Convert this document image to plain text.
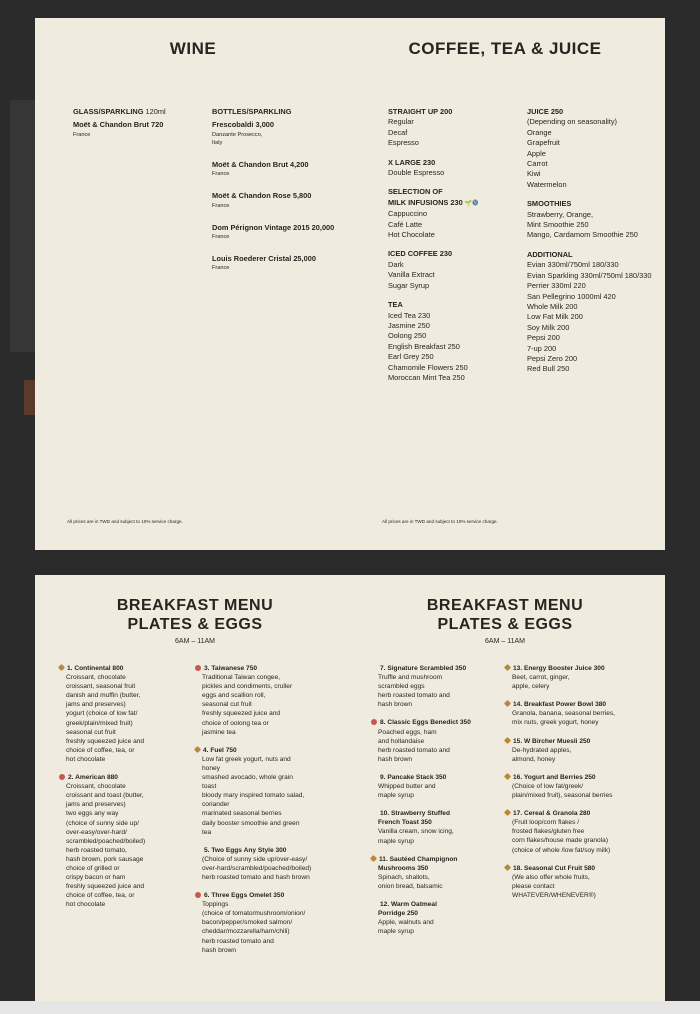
WINE	COFFEE, TEA & JUICE
GLASS/SPARKLING 120ml
Moët & Chandon Brut 720
France
BOTTLES/SPARKLING
Frescobaldi 3,000
Danzante Prosecco,
Italy
Moët & Chandon Brut 4,200
France
Moët & Chandon Rose 5,800
France
Dom Pérignon Vintage 2015 20,000
France
Louis Roederer Cristal 25,000
France
STRAIGHT UP 200
Regular
Decaf
Espresso
X LARGE 230
Double Espresso
SELECTION OF
MILK INFUSIONS 230 🌱🅥
Cappuccino
Café Latte
Hot Chocolate
ICED COFFEE 230
Dark
Vanilla Extract
Sugar Syrup
TEA
Iced Tea 230
Jasmine 250
Oolong 250
English Breakfast 250
Earl Grey 250
Chamomile Flowers 250
Moroccan Mint Tea 250
JUICE 250
(Depending on seasonality)
Orange
Grapefruit
Apple
Carrot
Kiwi
Watermelon
SMOOTHIES
Strawberry, Orange,
Mint Smoothie 250
Mango, Cardamom Smoothie 250
ADDITIONAL
Evian 330ml/750ml 180/330
Evian Sparkling 330ml/750ml 180/330
Perrier 330ml 220
San Pellegrino 1000ml 420
Whole Milk 200
Low Fat Milk 200
Soy Milk 200
Pepsi 200
7-up 200
Pepsi Zero 200
Red Bull 250
All prices are in TWD and subject to 10% service charge.	All prices are in TWD and subject to 10% service charge.
BREAKFAST MENU
PLATES & EGGS
6AM – 11AM
BREAKFAST MENU
PLATES & EGGS
6AM – 11AM
1. Continental 800
Croissant, chocolate
croissant, seasonal fruit
danish and muffin (butter,
jams and preserves)
yogurt (choice of low fat/
greek/plain/mixed fruit)
seasonal cut fruit
freshly squeezed juice and
choice of coffee, tea, or
hot chocolate
2. American 880
Croissant, chocolate
croissant and toast (butter,
jams and preserves)
two eggs any way
(choice of sunny side up/
over-easy/over-hard/
scrambled/poached/boiled)
herb roasted tomato,
hash brown, pork sausage
choice of grilled or
crispy bacon or ham
freshly squeezed juice and
choice of coffee, tea, or
hot chocolate
3. Taiwanese 750
Traditional Taiwan congee,
pickles and condiments, cruller
eggs and scallion roll,
seasonal cut fruit
freshly squeezed juice and
choice of oolong tea or
jasmine tea
4. Fuel 750
Low fat greek yogurt, nuts and
honey
smashed avocado, whole grain
toast
bloody mary inspired tomato salad,
coriander
marinated seasonal berries
daily booster smoothie and green
tea
5. Two Eggs Any Style 300
(Choice of sunny side up/over-easy/
over-hard/scrambled/poached/boiled)
herb roasted tomato and hash brown
6. Three Eggs Omelet 350
Toppings
(choice of tomato/mushroom/onion/
bacon/pepper/smoked salmon/
cheddar/mozzarella/ham/chili)
herb roasted tomato and
hash brown
7. Signature Scrambled 350
Truffle and mushroom
scrambled eggs
herb roasted tomato and
hash brown
8. Classic Eggs Benedict 350
Poached eggs, ham
and hollandaise
herb roasted tomato and
hash brown
9. Pancake Stack 350
Whipped butter and
maple syrup
10. Strawberry Stuffed
French Toast 350
Vanilla cream, snow icing,
maple syrup
11. Sautéed Champignon
Mushrooms 350
Spinach, shallots,
onion bread, balsamic
12. Warm Oatmeal
Porridge 250
Apple, walnuts and
maple syrup
13. Energy Booster Juice 300
Beet, carrot, ginger,
apple, celery
14. Breakfast Power Bowl 380
Granola, banana, seasonal berries,
mix nuts, greek yogurt, honey
15. W Bircher Muesli 250
De-hydrated apples,
almond, honey
16. Yogurt and Berries 250
(Choice of low fat/greek/
plain/mixed fruit), seasonal berries
17. Cereal & Granola 280
(Fruit loop/corn flakes /
frosted flakes/gluten free
corn flakes/house made granola)
(choice of whole /low fat/soy milk)
18. Seasonal Cut Fruit 580
(We also offer whole fruits,
please contact
WHATEVER/WHENEVER®)
